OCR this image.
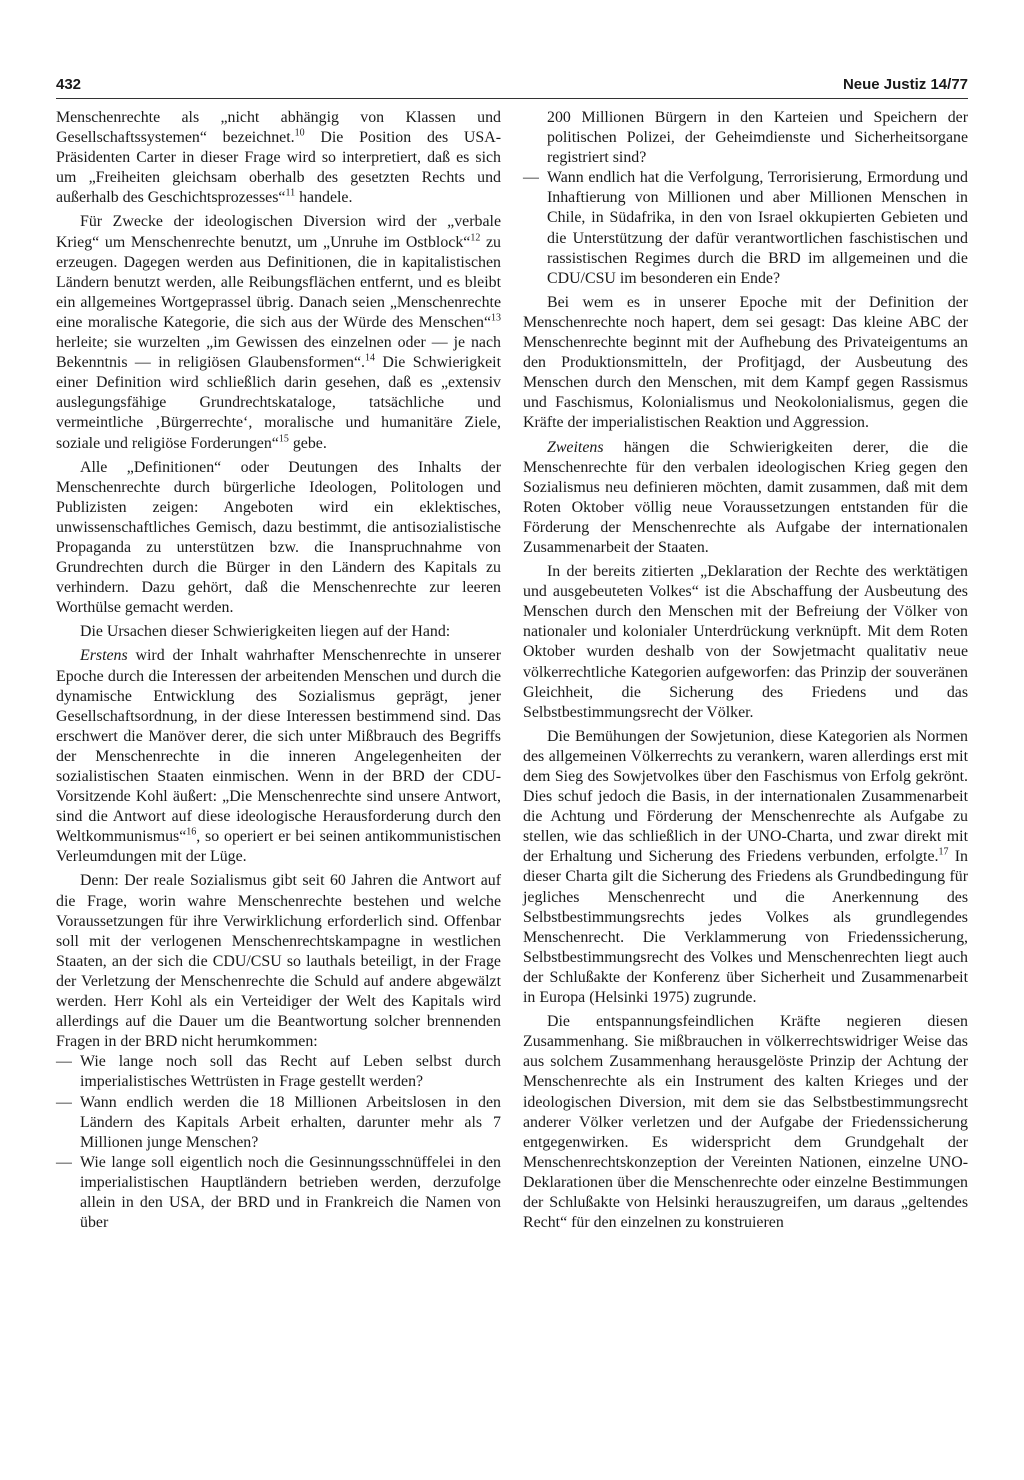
432	Neue Justiz 14/77

Menschenrechte als „nicht abhängig von Klassen und Gesellschaftssystemen“ bezeichnet.$^{10}$ Die Position des USA-Präsidenten Carter in dieser Frage wird so interpretiert, daß es sich um „Freiheiten gleichsam oberhalb des gesetzten Rechts und außerhalb des Geschichtsprozesses“$^{11}$ handele.

Für Zwecke der ideologischen Diversion wird der „verbale Krieg“ um Menschenrechte benutzt, um „Unruhe im Ostblock“$^{12}$ zu erzeugen. Dagegen werden aus Definitionen, die in kapitalistischen Ländern benutzt werden, alle Reibungsflächen entfernt, und es bleibt ein allgemeines Wortgeprassel übrig. Danach seien „Menschenrechte eine moralische Kategorie, die sich aus der Würde des Menschen“$^{13}$ herleite; sie wurzelten „im Gewissen des einzelnen oder — je nach Bekenntnis — in religiösen Glaubensformen“.$^{14}$ Die Schwierigkeit einer Definition wird schließlich darin gesehen, daß es „extensiv auslegungsfähige Grundrechtskataloge, tatsächliche und vermeintliche ‚Bürgerrechte‘, moralische und humanitäre Ziele, soziale und religiöse Forderungen“$^{15}$ gebe.

Alle „Definitionen“ oder Deutungen des Inhalts der Menschenrechte durch bürgerliche Ideologen, Politologen und Publizisten zeigen: Angeboten wird ein eklektisches, unwissenschaftliches Gemisch, dazu bestimmt, die antisozialistische Propaganda zu unterstützen bzw. die Inanspruchnahme von Grundrechten durch die Bürger in den Ländern des Kapitals zu verhindern. Dazu gehört, daß die Menschenrechte zur leeren Worthülse gemacht werden.

Die Ursachen dieser Schwierigkeiten liegen auf der Hand:

Erstens wird der Inhalt wahrhafter Menschenrechte in unserer Epoche durch die Interessen der arbeitenden Menschen und durch die dynamische Entwicklung des Sozialismus geprägt, jener Gesellschaftsordnung, in der diese Interessen bestimmend sind. Das erschwert die Manöver derer, die sich unter Mißbrauch des Begriffs der Menschenrechte in die inneren Angelegenheiten der sozialistischen Staaten einmischen. Wenn in der BRD der CDU-Vorsitzende Kohl äußert: „Die Menschenrechte sind unsere Antwort, sind die Antwort auf diese ideologische Herausforderung durch den Weltkommunismus“$^{16}$, so operiert er bei seinen antikommunistischen Verleumdungen mit der Lüge.

Denn: Der reale Sozialismus gibt seit 60 Jahren die Antwort auf die Frage, worin wahre Menschenrechte bestehen und welche Voraussetzungen für ihre Verwirklichung erforderlich sind. Offenbar soll mit der verlogenen Menschenrechtskampagne in westlichen Staaten, an der sich die CDU/CSU so lauthals beteiligt, in der Frage der Verletzung der Menschenrechte die Schuld auf andere abgewälzt werden. Herr Kohl als ein Verteidiger der Welt des Kapitals wird allerdings auf die Dauer um die Beantwortung solcher brennenden Fragen in der BRD nicht herumkommen:

— Wie lange noch soll das Recht auf Leben selbst durch imperialistisches Wettrüsten in Frage gestellt werden?
— Wann endlich werden die 18 Millionen Arbeitslosen in den Ländern des Kapitals Arbeit erhalten, darunter mehr als 7 Millionen junge Menschen?
— Wie lange soll eigentlich noch die Gesinnungsschnüffelei in den imperialistischen Hauptländern betrieben werden, derzufolge allein in den USA, der BRD und in Frankreich die Namen von über
200 Millionen Bürgern in den Karteien und Speichern der politischen Polizei, der Geheimdienste und Sicherheitsorgane registriert sind?
— Wann endlich hat die Verfolgung, Terrorisierung, Ermordung und Inhaftierung von Millionen und aber Millionen Menschen in Chile, in Südafrika, in den von Israel okkupierten Gebieten und die Unterstützung der dafür verantwortlichen faschistischen und rassistischen Regimes durch die BRD im allgemeinen und die CDU/CSU im besonderen ein Ende?

Bei wem es in unserer Epoche mit der Definition der Menschenrechte noch hapert, dem sei gesagt: Das kleine ABC der Menschenrechte beginnt mit der Aufhebung des Privateigentums an den Produktionsmitteln, der Profitjagd, der Ausbeutung des Menschen durch den Menschen, mit dem Kampf gegen Rassismus und Faschismus, Kolonialismus und Neokolonialismus, gegen die Kräfte der imperialistischen Reaktion und Aggression.

Zweitens hängen die Schwierigkeiten derer, die die Menschenrechte für den verbalen ideologischen Krieg gegen den Sozialismus neu definieren möchten, damit zusammen, daß mit dem Roten Oktober völlig neue Voraussetzungen entstanden für die Förderung der Menschenrechte als Aufgabe der internationalen Zusammenarbeit der Staaten.

In der bereits zitierten „Deklaration der Rechte des werktätigen und ausgebeuteten Volkes“ ist die Abschaffung der Ausbeutung des Menschen durch den Menschen mit der Befreiung der Völker von nationaler und kolonialer Unterdrückung verknüpft. Mit dem Roten Oktober wurden deshalb von der Sowjetmacht qualitativ neue völkerrechtliche Kategorien aufgeworfen: das Prinzip der souveränen Gleichheit, die Sicherung des Friedens und das Selbstbestimmungsrecht der Völker.

Die Bemühungen der Sowjetunion, diese Kategorien als Normen des allgemeinen Völkerrechts zu verankern, waren allerdings erst mit dem Sieg des Sowjetvolkes über den Faschismus von Erfolg gekrönt. Dies schuf jedoch die Basis, in der internationalen Zusammenarbeit die Achtung und Förderung der Menschenrechte als Aufgabe zu stellen, wie das schließlich in der UNO-Charta, und zwar direkt mit der Erhaltung und Sicherung des Friedens verbunden, erfolgte.$^{17}$ In dieser Charta gilt die Sicherung des Friedens als Grundbedingung für jegliches Menschenrecht und die Anerkennung des Selbstbestimmungsrechts jedes Volkes als grundlegendes Menschenrecht. Die Verklammerung von Friedenssicherung, Selbstbestimmungsrecht des Volkes und Menschenrechten liegt auch der Schlußakte der Konferenz über Sicherheit und Zusammenarbeit in Europa (Helsinki 1975) zugrunde.

Die entspannungsfeindlichen Kräfte negieren diesen Zusammenhang. Sie mißbrauchen in völkerrechtswidriger Weise das aus solchem Zusammenhang herausgelöste Prinzip der Achtung der Menschenrechte als ein Instrument des kalten Krieges und der ideologischen Diversion, mit dem sie das Selbstbestimmungsrecht anderer Völker verletzen und der Aufgabe der Friedenssicherung entgegenwirken. Es widerspricht dem Grundgehalt der Menschenrechtskonzeption der Vereinten Nationen, einzelne UNO-Deklarationen über die Menschenrechte oder einzelne Bestimmungen der Schlußakte von Helsinki herauszugreifen, um daraus „geltendes Recht“ für den einzelnen zu konstruieren
